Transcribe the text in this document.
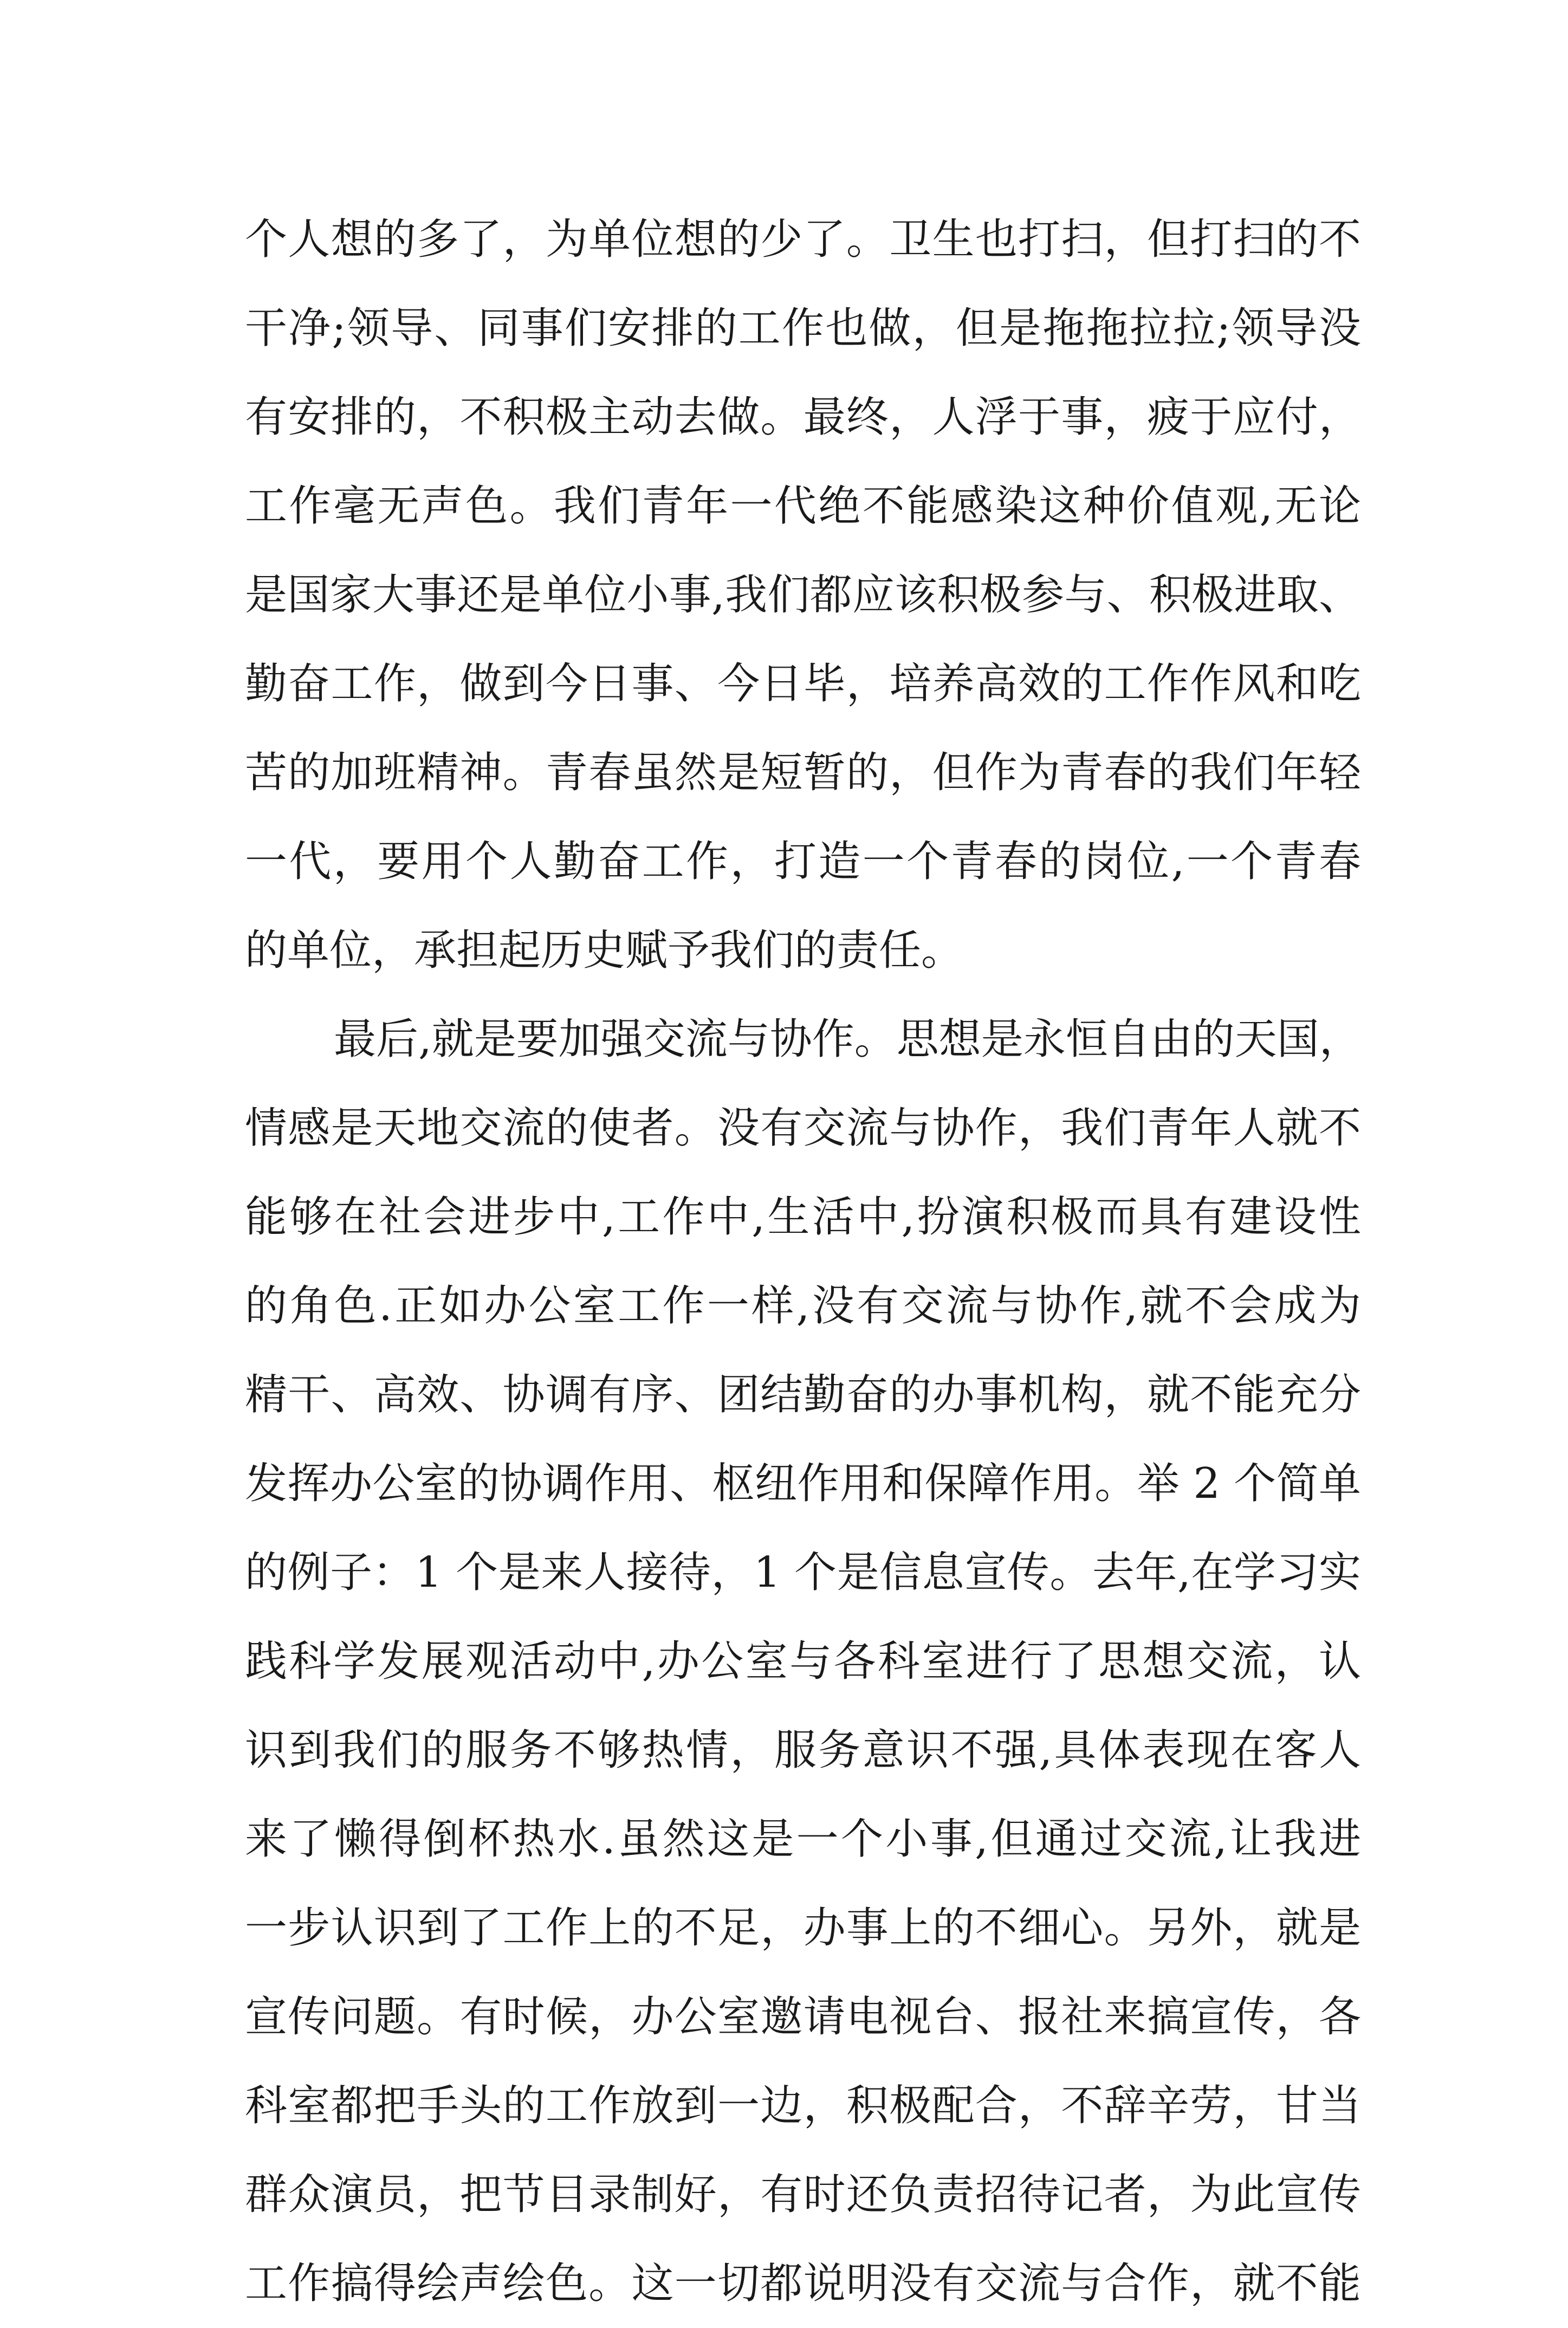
个人想的多了，为单位想的少了。卫生也打扫，但打扫的不
干净;领导、同事们安排的工作也做，但是拖拖拉拉;领导没
有安排的，不积极主动去做。最终，人浮于事，疲于应付，
工作毫无声色。我们青年一代绝不能感染这种价值观,无论
是国家大事还是单位小事,我们都应该积极参与、积极进取、
勤奋工作，做到今日事、今日毕，培养高效的工作作风和吃
苦的加班精神。青春虽然是短暂的，但作为青春的我们年轻
一代，要用个人勤奋工作，打造一个青春的岗位,一个青春
的单位，承担起历史赋予我们的责任。
最后,就是要加强交流与协作。思想是永恒自由的天国，
情感是天地交流的使者。没有交流与协作，我们青年人就不
能够在社会进步中,工作中,生活中,扮演积极而具有建设性
的角色.正如办公室工作一样,没有交流与协作,就不会成为
精干、高效、协调有序、团结勤奋的办事机构，就不能充分
发挥办公室的协调作用、枢纽作用和保障作用。举 2 个简单
的例子：1 个是来人接待，1 个是信息宣传。去年,在学习实
践科学发展观活动中,办公室与各科室进行了思想交流，认
识到我们的服务不够热情，服务意识不强,具体表现在客人
来了懒得倒杯热水.虽然这是一个小事,但通过交流,让我进
一步认识到了工作上的不足，办事上的不细心。另外，就是
宣传问题。有时候，办公室邀请电视台、报社来搞宣传，各
科室都把手头的工作放到一边，积极配合，不辞辛劳，甘当
群众演员，把节目录制好，有时还负责招待记者，为此宣传
工作搞得绘声绘色。这一切都说明没有交流与合作，就不能
